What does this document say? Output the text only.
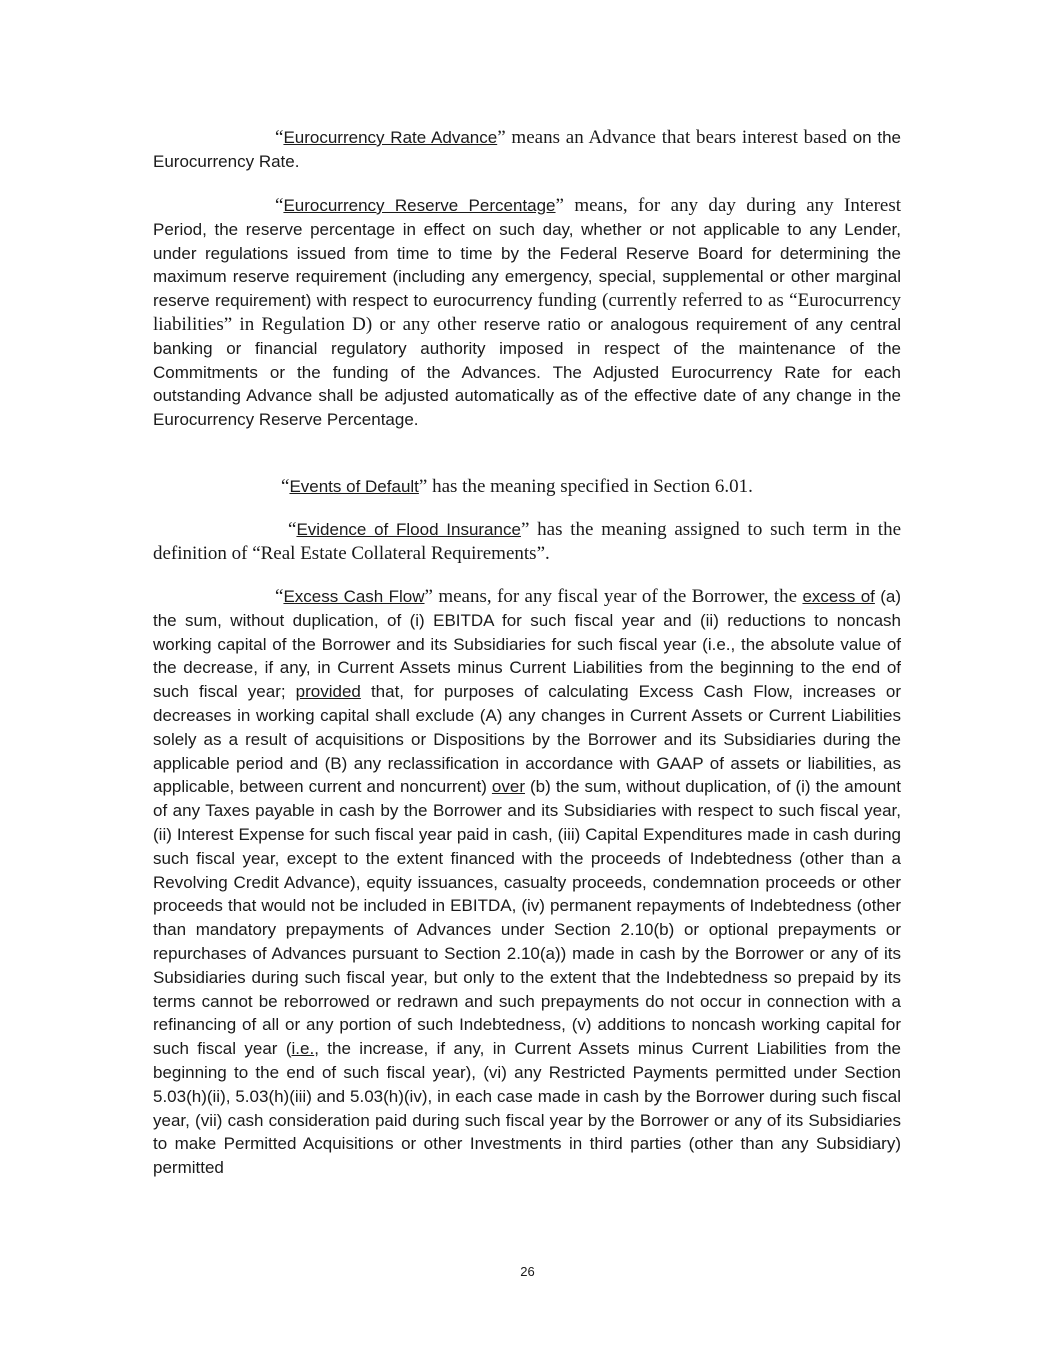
“Eurocurrency Rate Advance” means an Advance that bears interest based on the Eurocurrency Rate.

“Eurocurrency Reserve Percentage” means, for any day during any Interest Period, the reserve percentage in effect on such day, whether or not applicable to any Lender, under regulations issued from time to time by the Federal Reserve Board for determining the maximum reserve requirement (including any emergency, special, supplemental or other marginal reserve requirement) with respect to eurocurrency funding (currently referred to as “Eurocurrency liabilities” in Regulation D) or any other reserve ratio or analogous requirement of any central banking or financial regulatory authority imposed in respect of the maintenance of the Commitments or the funding of the Advances. The Adjusted Eurocurrency Rate for each outstanding Advance shall be adjusted automatically as of the effective date of any change in the Eurocurrency Reserve Percentage.

“Events of Default” has the meaning specified in Section 6.01.

“Evidence of Flood Insurance” has the meaning assigned to such term in the definition of “Real Estate Collateral Requirements”.

“Excess Cash Flow” means, for any fiscal year of the Borrower, the excess of (a) the sum, without duplication, of (i) EBITDA for such fiscal year and (ii) reductions to noncash working capital of the Borrower and its Subsidiaries for such fiscal year (i.e., the absolute value of the decrease, if any, in Current Assets minus Current Liabilities from the beginning to the end of such fiscal year; provided that, for purposes of calculating Excess Cash Flow, increases or decreases in working capital shall exclude (A) any changes in Current Assets or Current Liabilities solely as a result of acquisitions or Dispositions by the Borrower and its Subsidiaries during the applicable period and (B) any reclassification in accordance with GAAP of assets or liabilities, as applicable, between current and noncurrent) over (b) the sum, without duplication, of (i) the amount of any Taxes payable in cash by the Borrower and its Subsidiaries with respect to such fiscal year, (ii) Interest Expense for such fiscal year paid in cash, (iii) Capital Expenditures made in cash during such fiscal year, except to the extent financed with the proceeds of Indebtedness (other than a Revolving Credit Advance), equity issuances, casualty proceeds, condemnation proceeds or other proceeds that would not be included in EBITDA, (iv) permanent repayments of Indebtedness (other than mandatory prepayments of Advances under Section 2.10(b) or optional prepayments or repurchases of Advances pursuant to Section 2.10(a)) made in cash by the Borrower or any of its Subsidiaries during such fiscal year, but only to the extent that the Indebtedness so prepaid by its terms cannot be reborrowed or redrawn and such prepayments do not occur in connection with a refinancing of all or any portion of such Indebtedness, (v) additions to noncash working capital for such fiscal year (i.e., the increase, if any, in Current Assets minus Current Liabilities from the beginning to the end of such fiscal year), (vi) any Restricted Payments permitted under Section 5.03(h)(ii), 5.03(h)(iii) and 5.03(h)(iv), in each case made in cash by the Borrower during such fiscal year, (vii) cash consideration paid during such fiscal year by the Borrower or any of its Subsidiaries to make Permitted Acquisitions or other Investments in third parties (other than any Subsidiary) permitted

26
